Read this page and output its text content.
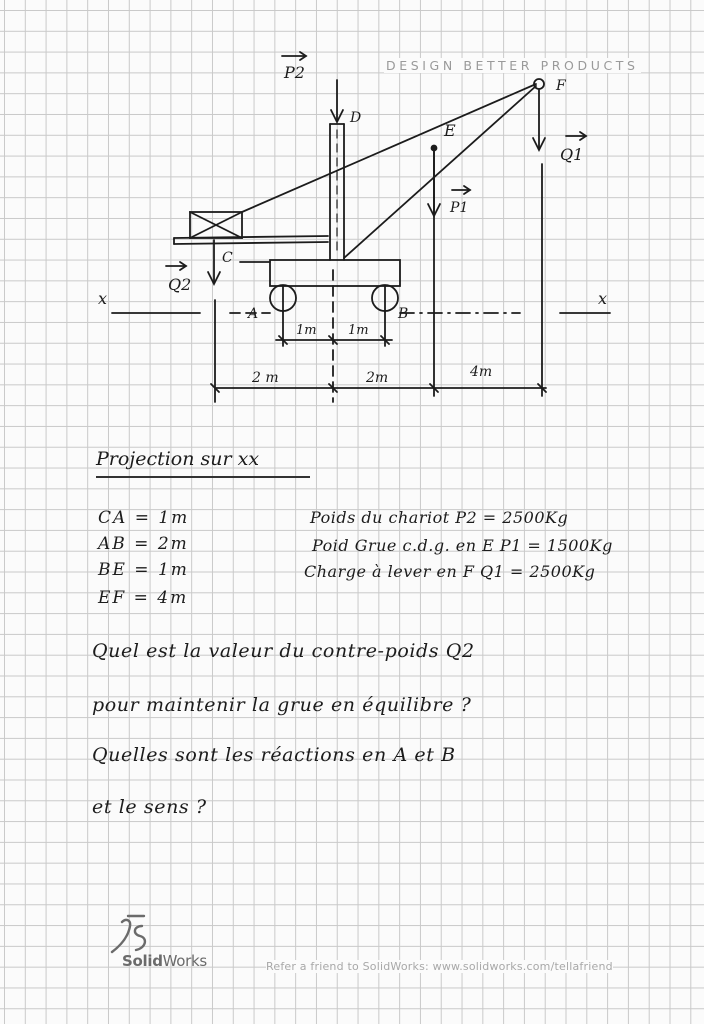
DESIGN BETTER PRODUCTS
A	B
C
D
E
F
P2
P1
Q1
Q2
x	x
1m 1m
2 m	2m	4m
Projection sur xx
CA = 1m
AB = 2m
BE = 1m
EF = 4m
Poids du chariot P2 = 2500Kg
Poid Grue c.d.g. en E P1 = 1500Kg
Charge à lever en F Q1 = 2500Kg
Quel est la valeur du contre-poids Q2
pour maintenir la grue en équilibre ?
Quelles sont les réactions en A et B
et le sens ?
SolidWorks	Refer a friend to SolidWorks: www.solidworks.com/tellafriend
